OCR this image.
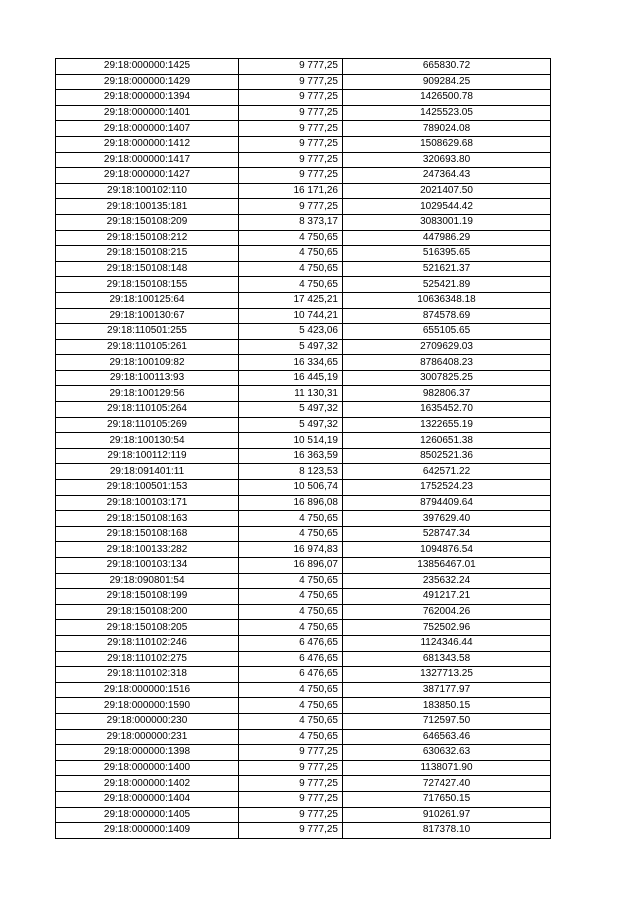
29:18:000000:1425	9 777,25	665830.72
29:18:000000:1429	9 777,25	909284.25
29:18:000000:1394	9 777,25	1426500.78
29:18:000000:1401	9 777,25	1425523.05
29:18:000000:1407	9 777,25	789024.08
29:18:000000:1412	9 777,25	1508629.68
29:18:000000:1417	9 777,25	320693.80
29:18:000000:1427	9 777,25	247364.43
29:18:100102:110	16 171,26	2021407.50
29:18:100135:181	9 777,25	1029544.42
29:18:150108:209	8 373,17	3083001.19
29:18:150108:212	4 750,65	447986.29
29:18:150108:215	4 750,65	516395.65
29:18:150108:148	4 750,65	521621.37
29:18:150108:155	4 750,65	525421.89
29:18:100125:64	17 425,21	10636348.18
29:18:100130:67	10 744,21	874578.69
29:18:110501:255	5 423,06	655105.65
29:18:110105:261	5 497,32	2709629.03
29:18:100109:82	16 334,65	8786408.23
29:18:100113:93	16 445,19	3007825.25
29:18:100129:56	11 130,31	982806.37
29:18:110105:264	5 497,32	1635452.70
29:18:110105:269	5 497,32	1322655.19
29:18:100130:54	10 514,19	1260651.38
29:18:100112:119	16 363,59	8502521.36
29:18:091401:11	8 123,53	642571.22
29:18:100501:153	10 506,74	1752524.23
29:18:100103:171	16 896,08	8794409.64
29:18:150108:163	4 750,65	397629.40
29:18:150108:168	4 750,65	528747.34
29:18:100133:282	16 974,83	1094876.54
29:18:100103:134	16 896,07	13856467.01
29:18:090801:54	4 750,65	235632.24
29:18:150108:199	4 750,65	491217.21
29:18:150108:200	4 750,65	762004.26
29:18:150108:205	4 750,65	752502.96
29:18:110102:246	6 476,65	1124346.44
29:18:110102:275	6 476,65	681343.58
29:18:110102:318	6 476,65	1327713.25
29:18:000000:1516	4 750,65	387177.97
29:18:000000:1590	4 750,65	183850.15
29:18:000000:230	4 750,65	712597.50
29:18:000000:231	4 750,65	646563.46
29:18:000000:1398	9 777,25	630632.63
29:18:000000:1400	9 777,25	1138071.90
29:18:000000:1402	9 777,25	727427.40
29:18:000000:1404	9 777,25	717650.15
29:18:000000:1405	9 777,25	910261.97
29:18:000000:1409	9 777,25	817378.10
